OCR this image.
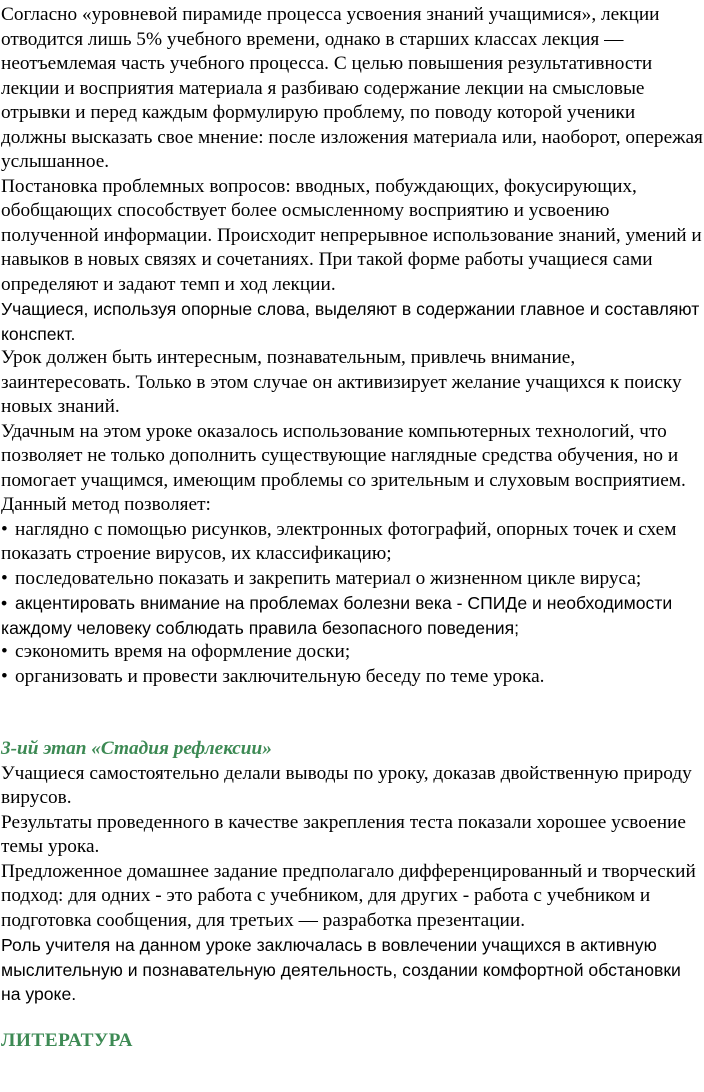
Согласно «уровневой пирамиде процесса усвоения знаний учащимися», лекции отводится лишь 5% учебного времени, однако в старших классах лекция — неотъемлемая часть учебного процесса. С целью повышения результативности лекции и восприятия материала я разбиваю содержание лекции на смысловые отрывки и перед каждым формулирую проблему, по поводу которой ученики должны высказать свое мнение: после изложения материала или, наоборот, опережая услышанное.

Постановка проблемных вопросов: вводных, побуждающих, фокусирующих, обобщающих способствует более осмысленному восприятию и усвоению полученной информации. Происходит непрерывное использование знаний, умений и навыков в новых связях и сочетаниях. При такой форме работы учащиеся сами определяют и задают темп и ход лекции.

Учащиеся, используя опорные слова, выделяют в содержании главное и составляют конспект.

Урок должен быть интересным, познавательным, привлечь внимание, заинтересовать. Только в этом случае он активизирует желание учащихся к поиску новых знаний.

Удачным на этом уроке оказалось использование компьютерных технологий, что позволяет не только дополнить существующие наглядные средства обучения, но и помогает учащимся, имеющим проблемы со зрительным и слуховым восприятием. Данный метод позволяет:

• наглядно с помощью рисунков, электронных фотографий, опорных точек и схем показать строение вирусов, их классификацию;
• последовательно показать и закрепить материал о жизненном цикле вируса;
• акцентировать внимание на проблемах болезни века - СПИДе и необходимости каждому человеку соблюдать правила безопасного поведения;
• сэкономить время на оформление доски;
• организовать и провести заключительную беседу по теме урока.

3-ий этап «Стадия рефлексии»

Учащиеся самостоятельно делали выводы по уроку, доказав двойственную природу вирусов.

Результаты проведенного в качестве закрепления теста показали хорошее усвоение темы урока.

Предложенное домашнее задание предполагало дифференцированный и творческий подход: для одних - это работа с учебником, для других - работа с учебником и подготовка сообщения, для третьих — разработка презентации.

Роль учителя на данном уроке заключалась в вовлечении учащихся в активную мыслительную и познавательную деятельность, создании комфортной обстановки на уроке.

ЛИТЕРАТУРА
